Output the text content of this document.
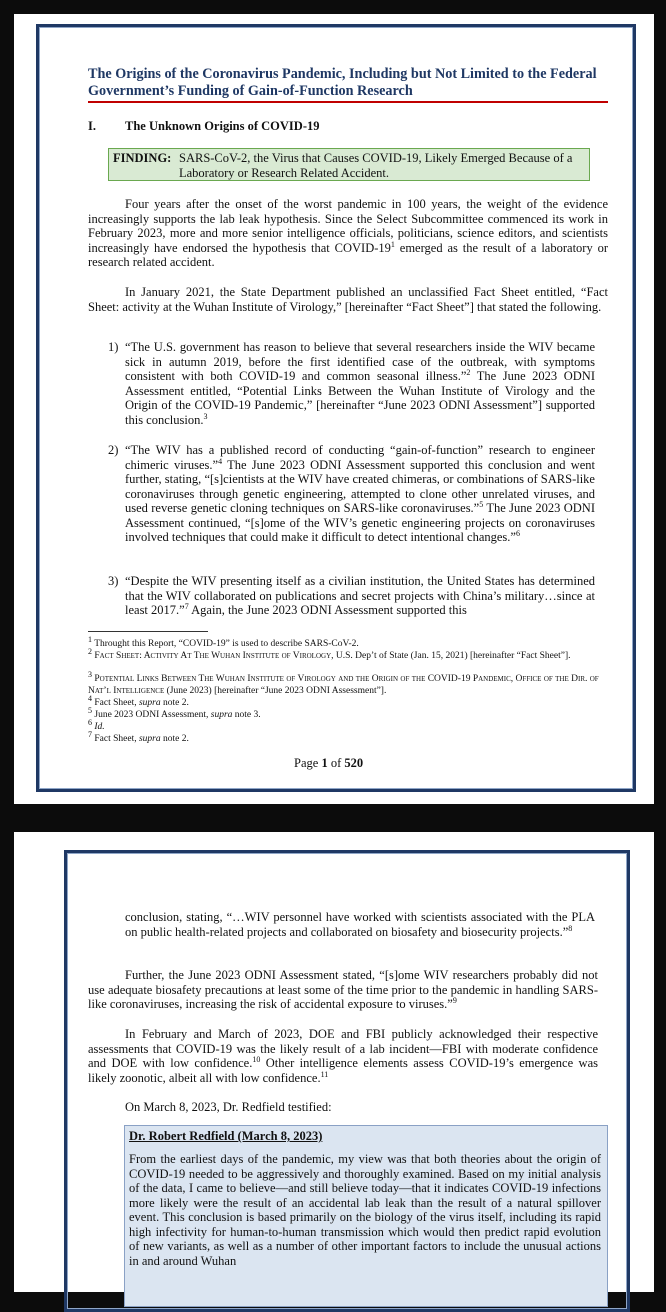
The Origins of the Coronavirus Pandemic, Including but Not Limited to the Federal Government’s Funding of Gain-of-Function Research
I. The Unknown Origins of COVID-19
FINDING: SARS-CoV-2, the Virus that Causes COVID-19, Likely Emerged Because of a Laboratory or Research Related Accident.
Four years after the onset of the worst pandemic in 100 years, the weight of the evidence increasingly supports the lab leak hypothesis. Since the Select Subcommittee commenced its work in February 2023, more and more senior intelligence officials, politicians, science editors, and scientists increasingly have endorsed the hypothesis that COVID-$19^1$ emerged as the result of a laboratory or research related accident.
In January 2021, the State Department published an unclassified Fact Sheet entitled, “Fact Sheet: activity at the Wuhan Institute of Virology,” [hereinafter “Fact Sheet”] that stated the following.
1) “The U.S. government has reason to believe that several researchers inside the WIV became sick in autumn 2019, before the first identified case of the outbreak, with symptoms consistent with both COVID-19 and common seasonal illness.”$^2$ The June 2023 ODNI Assessment entitled, “Potential Links Between the Wuhan Institute of Virology and the Origin of the COVID-19 Pandemic,” [hereinafter “June 2023 ODNI Assessment”] supported this conclusion.$^3$
2) “The WIV has a published record of conducting “gain-of-function” research to engineer chimeric viruses.”$^4$ The June 2023 ODNI Assessment supported this conclusion and went further, stating, “[s]cientists at the WIV have created chimeras, or combinations of SARS-like coronaviruses through genetic engineering, attempted to clone other unrelated viruses, and used reverse genetic cloning techniques on SARS-like coronaviruses.”$^5$ The June 2023 ODNI Assessment continued, “[s]ome of the WIV’s genetic engineering projects on coronaviruses involved techniques that could make it difficult to detect intentional changes.”$^6$
3) “Despite the WIV presenting itself as a civilian institution, the United States has determined that the WIV collaborated on publications and secret projects with China’s military…since at least 2017.”$^7$ Again, the June 2023 ODNI Assessment supported this
$^1$ Throught this Report, “COVID-19” is used to describe SARS-CoV-2.
$^2$ Fact Sheet: Activity At The Wuhan Institute of Virology, U.S. Dep’t of State (Jan. 15, 2021) [hereinafter “Fact Sheet”].
$^3$ Potential Links Between The Wuhan Institute of Virology and the Origin of the COVID-19 Pandemic, Office of the Dir. of Nat’l Intelligence (June 2023) [hereinafter “June 2023 ODNI Assessment”].
$^4$ Fact Sheet, supra note 2.
$^5$ June 2023 ODNI Assessment, supra note 3.
$^6$ Id.
$^7$ Fact Sheet, supra note 2.
Page 1 of 520
conclusion, stating, “…WIV personnel have worked with scientists associated with the PLA on public health-related projects and collaborated on biosafety and biosecurity projects.”$^8$
Further, the June 2023 ODNI Assessment stated, “[s]ome WIV researchers probably did not use adequate biosafety precautions at least some of the time prior to the pandemic in handling SARS-like coronaviruses, increasing the risk of accidental exposure to viruses.”$^9$
In February and March of 2023, DOE and FBI publicly acknowledged their respective assessments that COVID-19 was the likely result of a lab incident—FBI with moderate confidence and DOE with low confidence.$^{10}$ Other intelligence elements assess COVID-19’s emergence was likely zoonotic, albeit all with low confidence.$^{11}$
On March 8, 2023, Dr. Redfield testified:
Dr. Robert Redfield (March 8, 2023)
From the earliest days of the pandemic, my view was that both theories about the origin of COVID-19 needed to be aggressively and thoroughly examined. Based on my initial analysis of the data, I came to believe—and still believe today—that it indicates COVID-19 infections more likely were the result of an accidental lab leak than the result of a natural spillover event. This conclusion is based primarily on the biology of the virus itself, including its rapid high infectivity for human-to-human transmission which would then predict rapid evolution of new variants, as well as a number of other important factors to include the unusual actions in and around Wuhan
